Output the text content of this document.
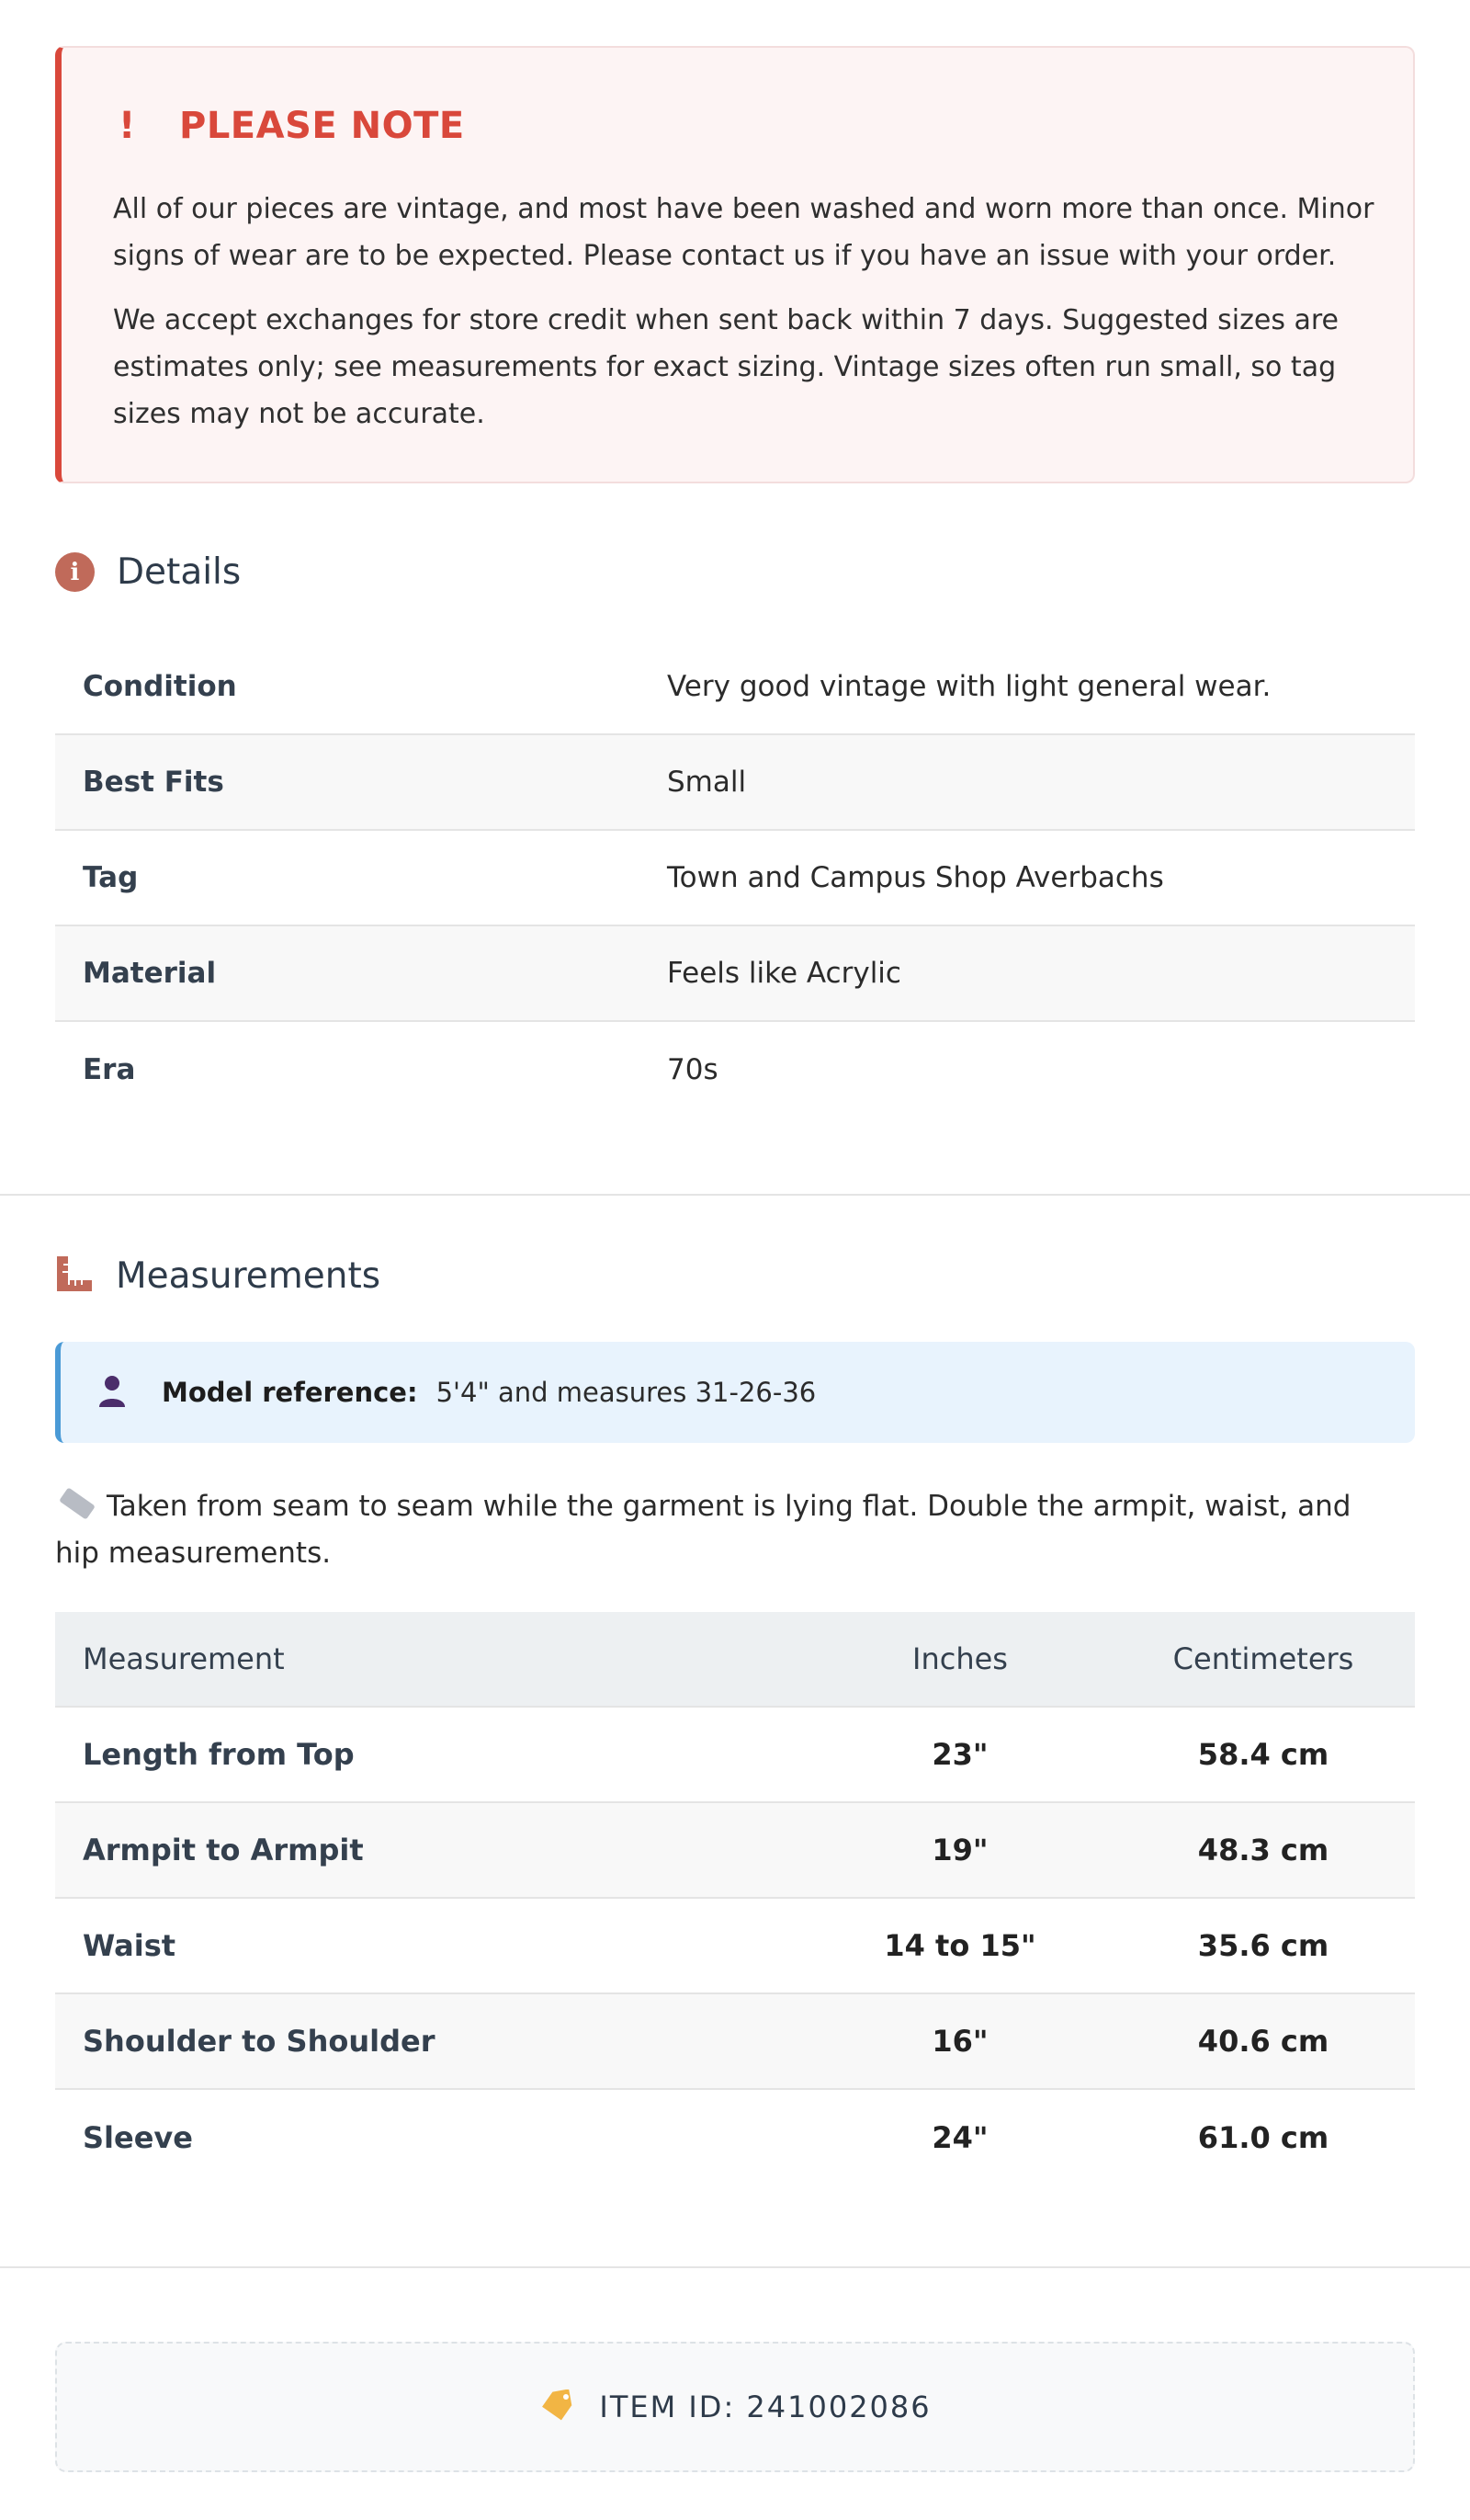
!	PLEASE NOTE

All of our pieces are vintage, and most have been washed and worn more than once. Minor signs of wear are to be expected. Please contact us if you have an issue with your order.

We accept exchanges for store credit when sent back within 7 days. Suggested sizes are estimates only; see measurements for exact sizing. Vintage sizes often run small, so tag sizes may not be accurate.

i	Details
Condition	Very good vintage with light general wear.
Best Fits	Small
Tag	Town and Campus Shop Averbachs
Material	Feels like Acrylic
Era	70s
Measurements
Model reference: 5'4" and measures 31-26-36
Taken from seam to seam while the garment is lying flat. Double the armpit, waist, and hip measurements.
Measurement	Inches	Centimeters
Length from Top	23"	58.4 cm
Armpit to Armpit	19"	48.3 cm
Waist	14 to 15"	35.6 cm
Shoulder to Shoulder	16"	40.6 cm
Sleeve	24"	61.0 cm
ITEM ID: 241002086
